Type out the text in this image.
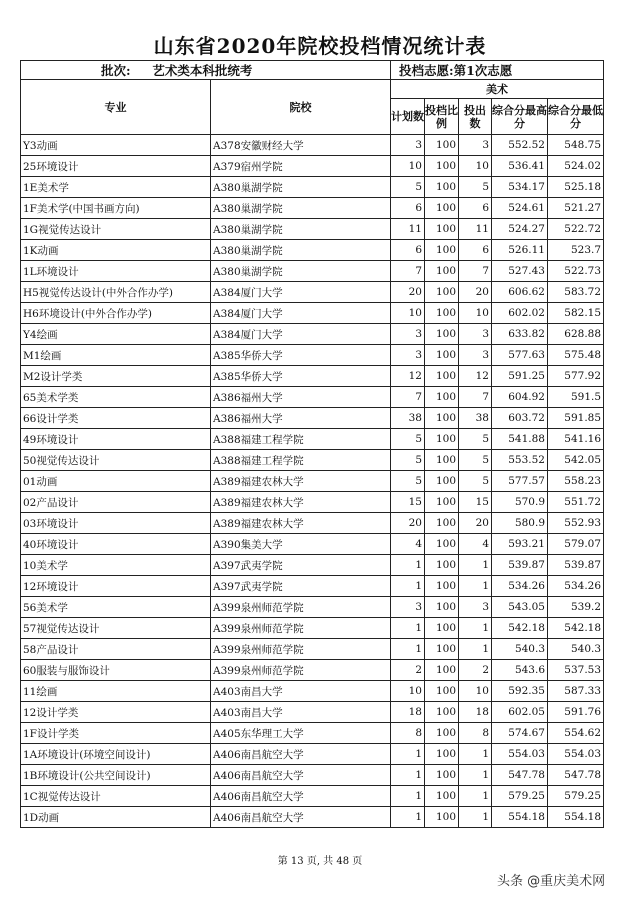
山东省2020年院校投档情况统计表
批次: 艺术类本科批统考		投档志愿:第1次志愿				
专业	院校	美术				
		计划数	投档比例	投出数	综合分最高分	综合分最低分
Y3动画	A378安徽财经大学	3	100	3	552.52	548.75
25环境设计	A379宿州学院	10	100	10	536.41	524.02
1E美术学	A380巢湖学院	5	100	5	534.17	525.18
1F美术学(中国书画方向)	A380巢湖学院	6	100	6	524.61	521.27
1G视觉传达设计	A380巢湖学院	11	100	11	524.27	522.72
1K动画	A380巢湖学院	6	100	6	526.11	523.7
1L环境设计	A380巢湖学院	7	100	7	527.43	522.73
H5视觉传达设计(中外合作办学)	A384厦门大学	20	100	20	606.62	583.72
H6环境设计(中外合作办学)	A384厦门大学	10	100	10	602.02	582.15
Y4绘画	A384厦门大学	3	100	3	633.82	628.88
M1绘画	A385华侨大学	3	100	3	577.63	575.48
M2设计学类	A385华侨大学	12	100	12	591.25	577.92
65美术学类	A386福州大学	7	100	7	604.92	591.5
66设计学类	A386福州大学	38	100	38	603.72	591.85
49环境设计	A388福建工程学院	5	100	5	541.88	541.16
50视觉传达设计	A388福建工程学院	5	100	5	553.52	542.05
01动画	A389福建农林大学	5	100	5	577.57	558.23
02产品设计	A389福建农林大学	15	100	15	570.9	551.72
03环境设计	A389福建农林大学	20	100	20	580.9	552.93
40环境设计	A390集美大学	4	100	4	593.21	579.07
10美术学	A397武夷学院	1	100	1	539.87	539.87
12环境设计	A397武夷学院	1	100	1	534.26	534.26
56美术学	A399泉州师范学院	3	100	3	543.05	539.2
57视觉传达设计	A399泉州师范学院	1	100	1	542.18	542.18
58产品设计	A399泉州师范学院	1	100	1	540.3	540.3
60服装与服饰设计	A399泉州师范学院	2	100	2	543.6	537.53
11绘画	A403南昌大学	10	100	10	592.35	587.33
12设计学类	A403南昌大学	18	100	18	602.05	591.76
1F设计学类	A405东华理工大学	8	100	8	574.67	554.62
1A环境设计(环境空间设计)	A406南昌航空大学	1	100	1	554.03	554.03
1B环境设计(公共空间设计)	A406南昌航空大学	1	100	1	547.78	547.78
1C视觉传达设计	A406南昌航空大学	1	100	1	579.25	579.25
1D动画	A406南昌航空大学	1	100	1	554.18	554.18
第 13 页, 共 48 页
头条 @重庆美术网
